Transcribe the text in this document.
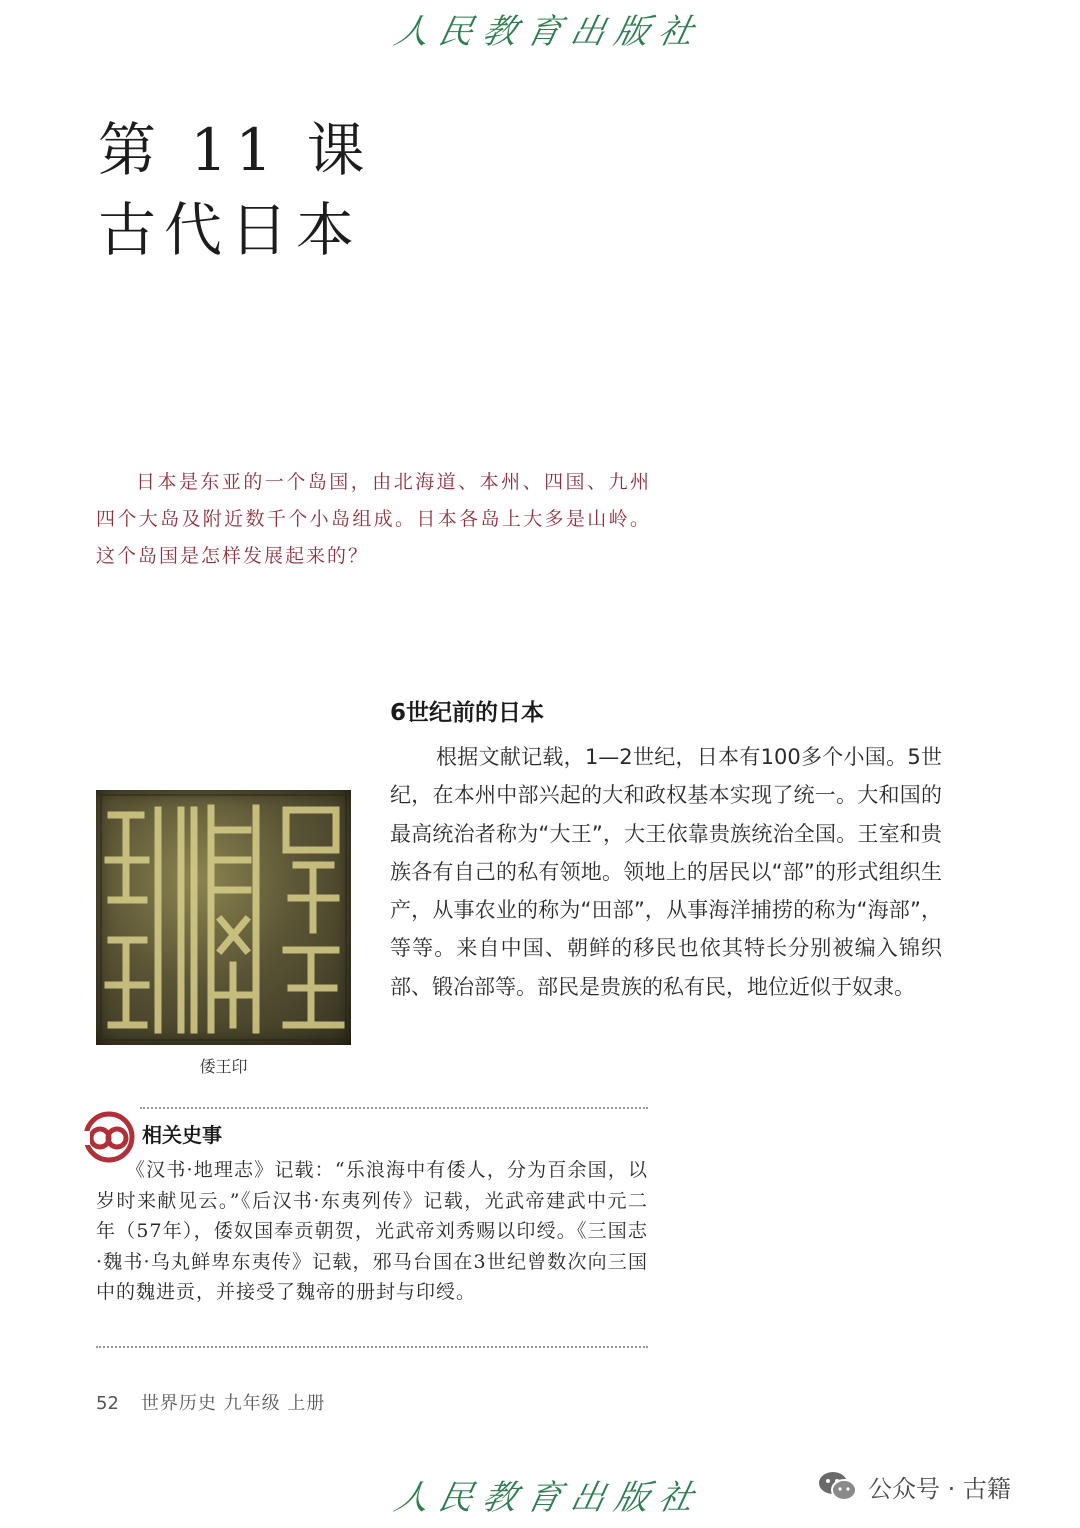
人民教育出版社
第 11 课
古代日本

日本是东亚的一个岛国，由北海道、本州、四国、九州四个大岛及附近数千个小岛组成。日本各岛上大多是山岭。这个岛国是怎样发展起来的？

6世纪前的日本

根据文献记载，1—2世纪，日本有100多个小国。5世纪，在本州中部兴起的大和政权基本实现了统一。大和国的最高统治者称为“大王”，大王依靠贵族统治全国。王室和贵族各有自己的私有领地。领地上的居民以“部”的形式组织生产，从事农业的称为“田部”，从事海洋捕捞的称为“海部”，等等。来自中国、朝鲜的移民也依其特长分别被编入锦织部、锻冶部等。部民是贵族的私有民，地位近似于奴隶。

倭王印

相关史事

《汉书·地理志》记载：“乐浪海中有倭人，分为百余国，以岁时来献见云。”《后汉书·东夷列传》记载，光武帝建武中元二年（57年），倭奴国奉贡朝贺，光武帝刘秀赐以印绶。《三国志·魏书·乌丸鲜卑东夷传》记载，邪马台国在3世纪曾数次向三国中的魏进贡，并接受了魏帝的册封与印绶。

52 世界历史 九年级 上册
人民教育出版社	公众号 · 古籍
